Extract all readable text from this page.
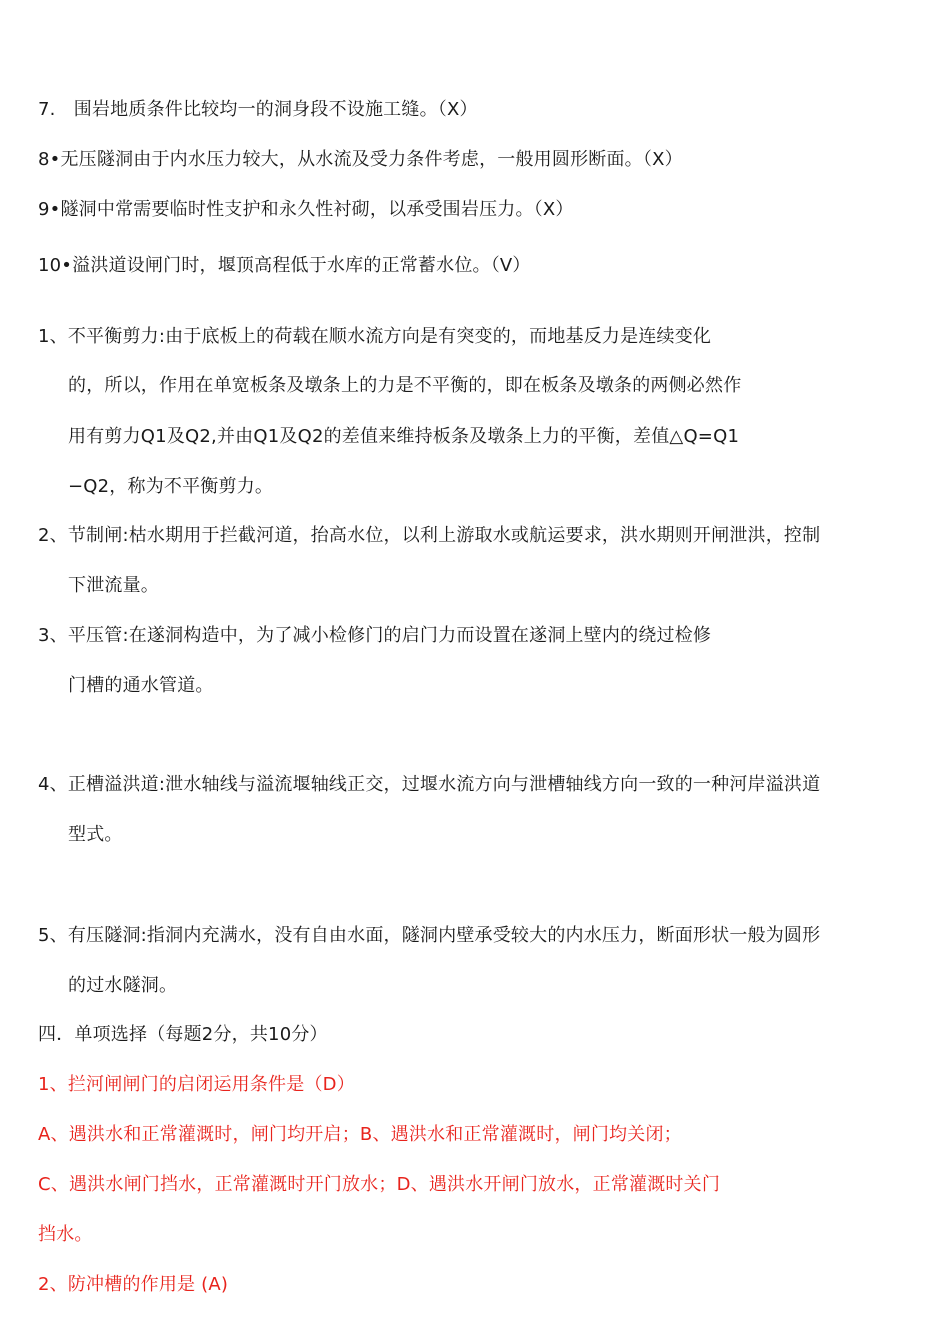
7.　围岩地质条件比较均一的洞身段不设施工缝。（X）
8•无压隧洞由于内水压力较大，从水流及受力条件考虑，一般用圆形断面。（X）
9•隧洞中常需要临时性支护和永久性衬砌，以承受围岩压力。（X）
10•溢洪道设闸门时，堰顶高程低于水库的正常蓄水位。（V）
1、不平衡剪力:由于底板上的荷载在顺水流方向是有突变的，而地基反力是连续变化
的，所以，作用在单宽板条及墩条上的力是不平衡的，即在板条及墩条的两侧必然作
用有剪力Q1及Q2,并由Q1及Q2的差值来维持板条及墩条上力的平衡，差值△Q=Q1
−Q2，称为不平衡剪力。
2、节制闸:枯水期用于拦截河道，抬高水位，以利上游取水或航运要求，洪水期则开闸泄洪，控制
下泄流量。
3、平压管:在遂洞构造中，为了减小检修门的启门力而设置在遂洞上壁内的绕过检修
门槽的通水管道。
4、正槽溢洪道:泄水轴线与溢流堰轴线正交，过堰水流方向与泄槽轴线方向一致的一种河岸溢洪道
型式。
5、有压隧洞:指洞内充满水，没有自由水面，隧洞内壁承受较大的内水压力，断面形状一般为圆形
的过水隧洞。
四．单项选择（每题2分，共10分）
1、拦河闸闸门的启闭运用条件是（D）
A、遇洪水和正常灌溉时，闸门均开启；B、遇洪水和正常灌溉时，闸门均关闭；
C、遇洪水闸门挡水，正常灌溉时开门放水；D、遇洪水开闸门放水，正常灌溉时关门
挡水。
2、防冲槽的作用是 (A)
